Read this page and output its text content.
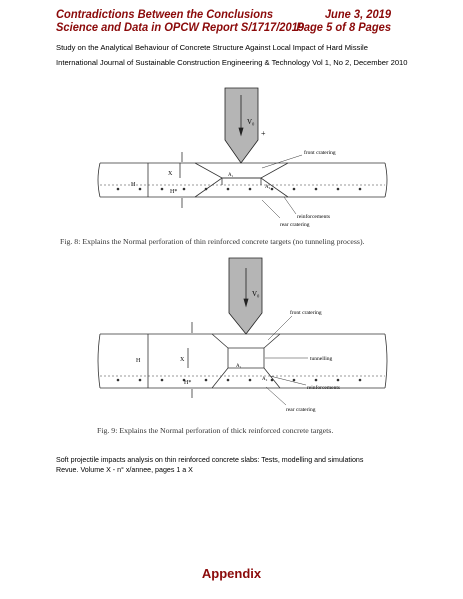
Contradictions Between the Conclusions	June 3, 2019
Science and Data in OPCW Report S/1717/2019
Page 5 of 8 Pages
Study on the Analytical Behaviour of Concrete Structure Against Local Impact of Hard Missile
International Journal of Sustainable Construction Engineering & Technology Vol 1, No 2, December 2010
V₀
+
H
X
H*
A₁
A₂
front cratering
reinforcements
rear cratering
V₀
H	X
H*
A₁
A₂
front cratering
tunnelling
reinforcements
rear cratering
Fig. 8: Explains the Normal perforation of thin reinforced concrete targets (no tunneling process).
Fig. 9: Explains the Normal perforation of thick reinforced concrete targets.
Soft projectile impacts analysis on thin reinforced concrete slabs: Tests, modelling and simulations
Revue. Volume X - n° x/annee, pages 1 a X
Appendix
